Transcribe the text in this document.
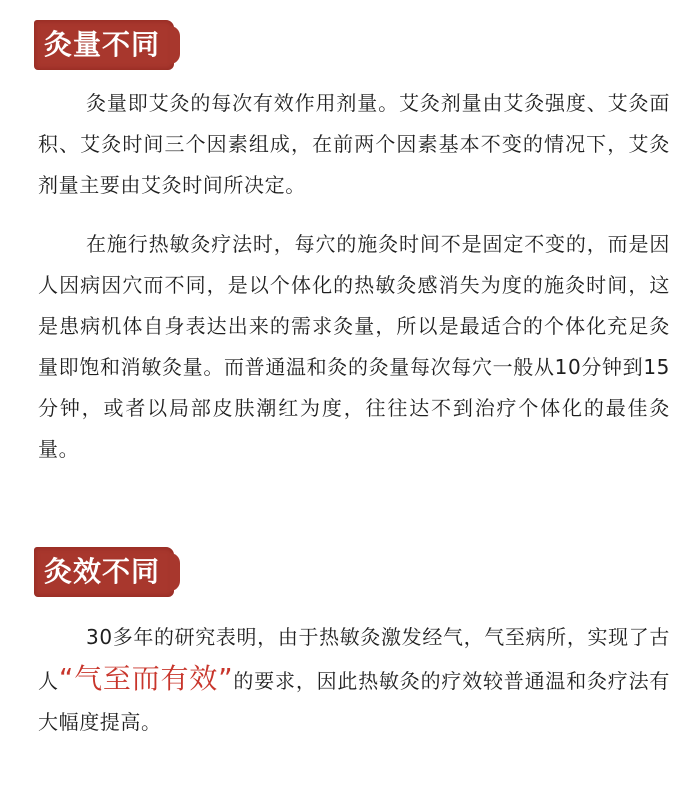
灸量不同

灸量即艾灸的每次有效作用剂量。艾灸剂量由艾灸强度、艾灸面积、艾灸时间三个因素组成，在前两个因素基本不变的情况下，艾灸剂量主要由艾灸时间所决定。

在施行热敏灸疗法时，每穴的施灸时间不是固定不变的，而是因人因病因穴而不同，是以个体化的热敏灸感消失为度的施灸时间，这是患病机体自身表达出来的需求灸量，所以是最适合的个体化充足灸量即饱和消敏灸量。而普通温和灸的灸量每次每穴一般从10分钟到15分钟，或者以局部皮肤潮红为度，往往达不到治疗个体化的最佳灸量。

灸效不同

30多年的研究表明，由于热敏灸激发经气，气至病所，实现了古人“气至而有效”的要求，因此热敏灸的疗效较普通温和灸疗法有大幅度提高。
